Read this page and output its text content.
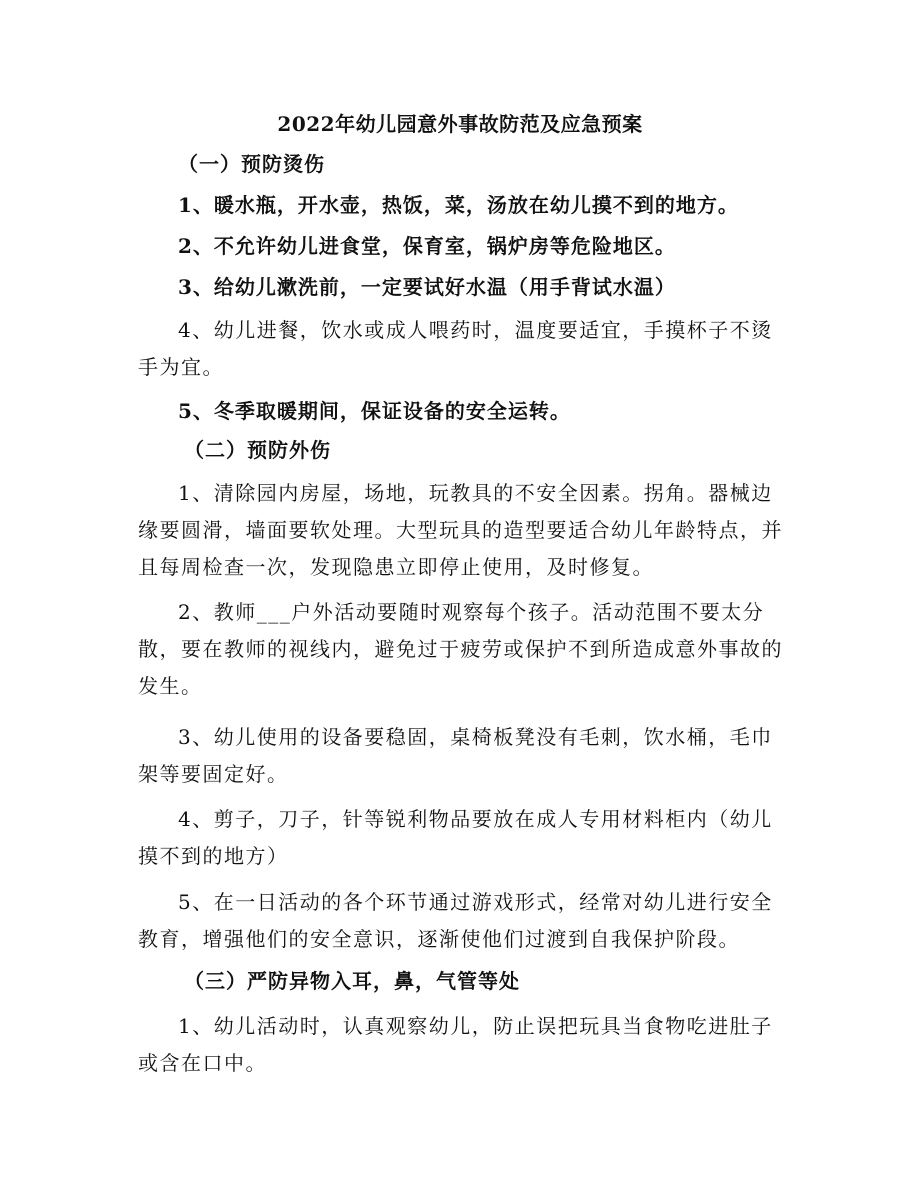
2022年幼儿园意外事故防范及应急预案
（一）预防烫伤
1、暖水瓶，开水壶，热饭，菜，汤放在幼儿摸不到的地方。
2、不允许幼儿进食堂，保育室，锅炉房等危险地区。
3、给幼儿漱洗前，一定要试好水温（用手背试水温）
4、幼儿进餐，饮水或成人喂药时，温度要适宜，手摸杯子不烫手为宜。
5、冬季取暖期间，保证设备的安全运转。
（二）预防外伤
1、清除园内房屋，场地，玩教具的不安全因素。拐角。器械边缘要圆滑，墙面要软处理。大型玩具的造型要适合幼儿年龄特点，并且每周检查一次，发现隐患立即停止使用，及时修复。
2、教师___户外活动要随时观察每个孩子。活动范围不要太分散，要在教师的视线内，避免过于疲劳或保护不到所造成意外事故的发生。
3、幼儿使用的设备要稳固，桌椅板凳没有毛刺，饮水桶，毛巾架等要固定好。
4、剪子，刀子，针等锐利物品要放在成人专用材料柜内（幼儿摸不到的地方）
5、在一日活动的各个环节通过游戏形式，经常对幼儿进行安全教育，增强他们的安全意识，逐渐使他们过渡到自我保护阶段。
（三）严防异物入耳，鼻，气管等处
1、幼儿活动时，认真观察幼儿，防止误把玩具当食物吃进肚子或含在口中。
